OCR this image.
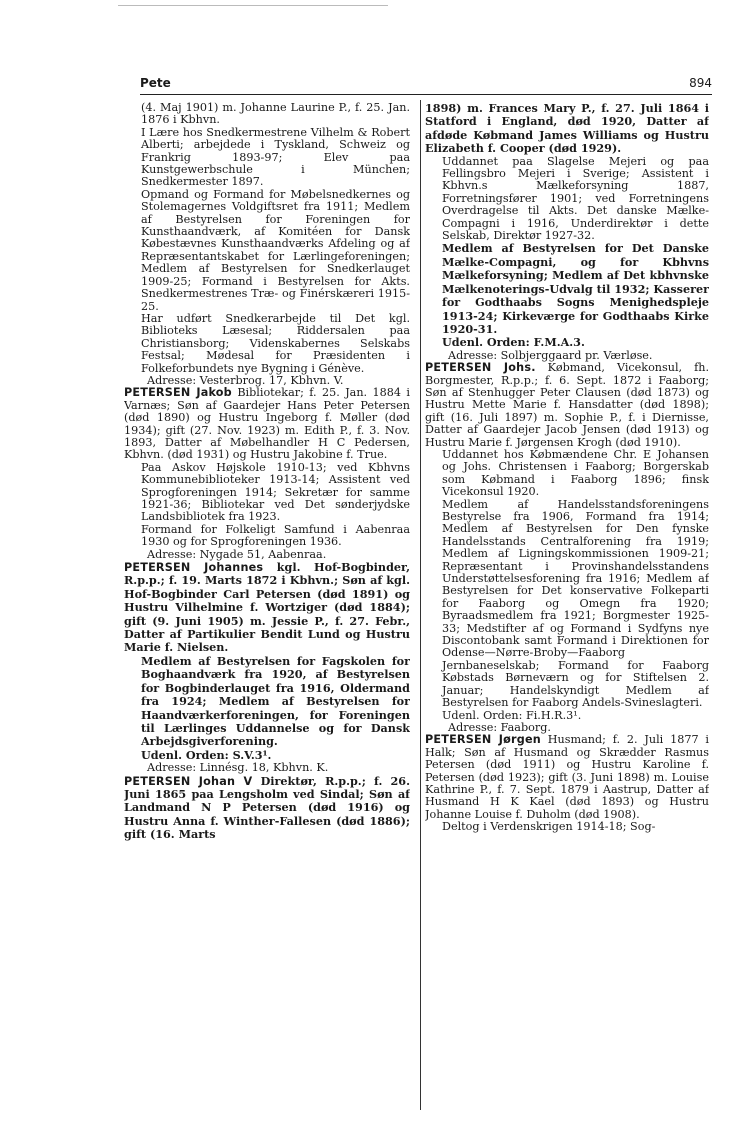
Pete	894

(4. Maj 1901) m. Johanne Laurine P., f. 25. Jan. 1876 i Kbhvn.

I Lære hos Snedkermestrene Vilhelm & Robert Alberti; arbejdede i Tyskland, Schweiz og Frankrig 1893-97; Elev paa Kunstgewerbschule i München; Snedkermester 1897.

Opmand og Formand for Møbelsnedkernes og Stolemagernes Voldgiftsret fra 1911; Medlem af Bestyrelsen for Foreningen for Kunsthaandværk, af Komitéen for Dansk Købestævnes Kunsthaandværks Afdeling og af Repræsentantskabet for Lærlingeforeningen; Medlem af Bestyrelsen for Snedkerlauget 1909-25; Formand i Bestyrelsen for Akts. Snedkermestrenes Træ- og Finérskæreri 1915-25.

Har udført Snedkerarbejde til Det kgl. Biblioteks Læsesal; Riddersalen paa Christiansborg; Videnskabernes Selskabs Festsal; Mødesal for Præsidenten i Folkeforbundets nye Bygning i Génève.

Adresse: Vesterbrog. 17, Kbhvn. V.

PETERSEN Jakob Bibliotekar; f. 25. Jan. 1884 i Varnæs; Søn af Gaardejer Hans Peter Petersen (død 1890) og Hustru Ingeborg f. Møller (død 1934); gift (27. Nov. 1923) m. Edith P., f. 3. Nov. 1893, Datter af Møbelhandler H C Pedersen, Kbhvn. (død 1931) og Hustru Jakobine f. True.

Paa Askov Højskole 1910-13; ved Kbhvns Kommunebiblioteker 1913-14; Assistent ved Sprogforeningen 1914; Sekretær for samme 1921-36; Bibliotekar ved Det sønderjydske Landsbibliotek fra 1923.

Formand for Folkeligt Samfund i Aabenraa 1930 og for Sprogforeningen 1936.

Adresse: Nygade 51, Aabenraa.

PETERSEN Johannes kgl. Hof-Bogbinder, R.p.p.; f. 19. Marts 1872 i Kbhvn.; Søn af kgl. Hof-Bogbinder Carl Petersen (død 1891) og Hustru Vilhelmine f. Wortziger (død 1884); gift (9. Juni 1905) m. Jessie P., f. 27. Febr., Datter af Partikulier Bendit Lund og Hustru Marie f. Nielsen.

Medlem af Bestyrelsen for Fagskolen for Boghaandværk fra 1920, af Bestyrelsen for Bogbinderlauget fra 1916, Oldermand fra 1924; Medlem af Bestyrelsen for Haandværkerforeningen, for Foreningen til Lærlinges Uddannelse og for Dansk Arbejdsgiverforening.

Udenl. Orden: S.V.3¹.

Adresse: Linnésg. 18, Kbhvn. K.

PETERSEN Johan V Direktør, R.p.p.; f. 26. Juni 1865 paa Lengsholm ved Sindal; Søn af Landmand N P Petersen (død 1916) og Hustru Anna f. Winther-Fallesen (død 1886); gift (16. Marts

1898) m. Frances Mary P., f. 27. Juli 1864 i Statford i England, død 1920, Datter af afdøde Købmand James Williams og Hustru Elizabeth f. Cooper (død 1929).

Uddannet paa Slagelse Mejeri og paa Fellingsbro Mejeri i Sverige; Assistent i Kbhvn.s Mælkeforsyning 1887, Forretningsfører 1901; ved Forretningens Overdragelse til Akts. Det danske Mælke-Compagni i 1916, Underdirektør i dette Selskab, Direktør 1927-32.

Medlem af Bestyrelsen for Det Danske Mælke-Compagni, og for Kbhvns Mælkeforsyning; Medlem af Det kbhvnske Mælkenoterings-Udvalg til 1932; Kasserer for Godthaabs Sogns Menighedspleje 1913-24; Kirkeværge for Godthaabs Kirke 1920-31.

Udenl. Orden: F.M.A.3.

Adresse: Solbjerggaard pr. Værløse.

PETERSEN Johs. Købmand, Vicekonsul, fh. Borgmester, R.p.p.; f. 6. Sept. 1872 i Faaborg; Søn af Stenhugger Peter Clausen (død 1873) og Hustru Mette Marie f. Hansdatter (død 1898); gift (16. Juli 1897) m. Sophie P., f. i Diernisse, Datter af Gaardejer Jacob Jensen (død 1913) og Hustru Marie f. Jørgensen Krogh (død 1910).

Uddannet hos Købmændene Chr. E Johansen og Johs. Christensen i Faaborg; Borgerskab som Købmand i Faaborg 1896; finsk Vicekonsul 1920.

Medlem af Handelsstandsforeningens Bestyrelse fra 1906, Formand fra 1914; Medlem af Bestyrelsen for Den fynske Handelsstands Centralforening fra 1919; Medlem af Ligningskommissionen 1909-21; Repræsentant i Provinshandelsstandens Understøttelsesforening fra 1916; Medlem af Bestyrelsen for Det konservative Folkeparti for Faaborg og Omegn fra 1920; Byraadsmedlem fra 1921; Borgmester 1925-33; Medstifter af og Formand i Sydfyns nye Discontobank samt Formand i Direktionen for Odense—Nørre-Broby—Faaborg Jernbaneselskab; Formand for Faaborg Købstads Børneværn og for Stiftelsen 2. Januar; Handelskyndigt Medlem af Bestyrelsen for Faaborg Andels-Svineslagteri.

Udenl. Orden: Fi.H.R.3¹.

Adresse: Faaborg.

PETERSEN Jørgen Husmand; f. 2. Juli 1877 i Halk; Søn af Husmand og Skrædder Rasmus Petersen (død 1911) og Hustru Karoline f. Petersen (død 1923); gift (3. Juni 1898) m. Louise Kathrine P., f. 7. Sept. 1879 i Aastrup, Datter af Husmand H K Kael (død 1893) og Hustru Johanne Louise f. Duholm (død 1908).

Deltog i Verdenskrigen 1914-18; Sog-
